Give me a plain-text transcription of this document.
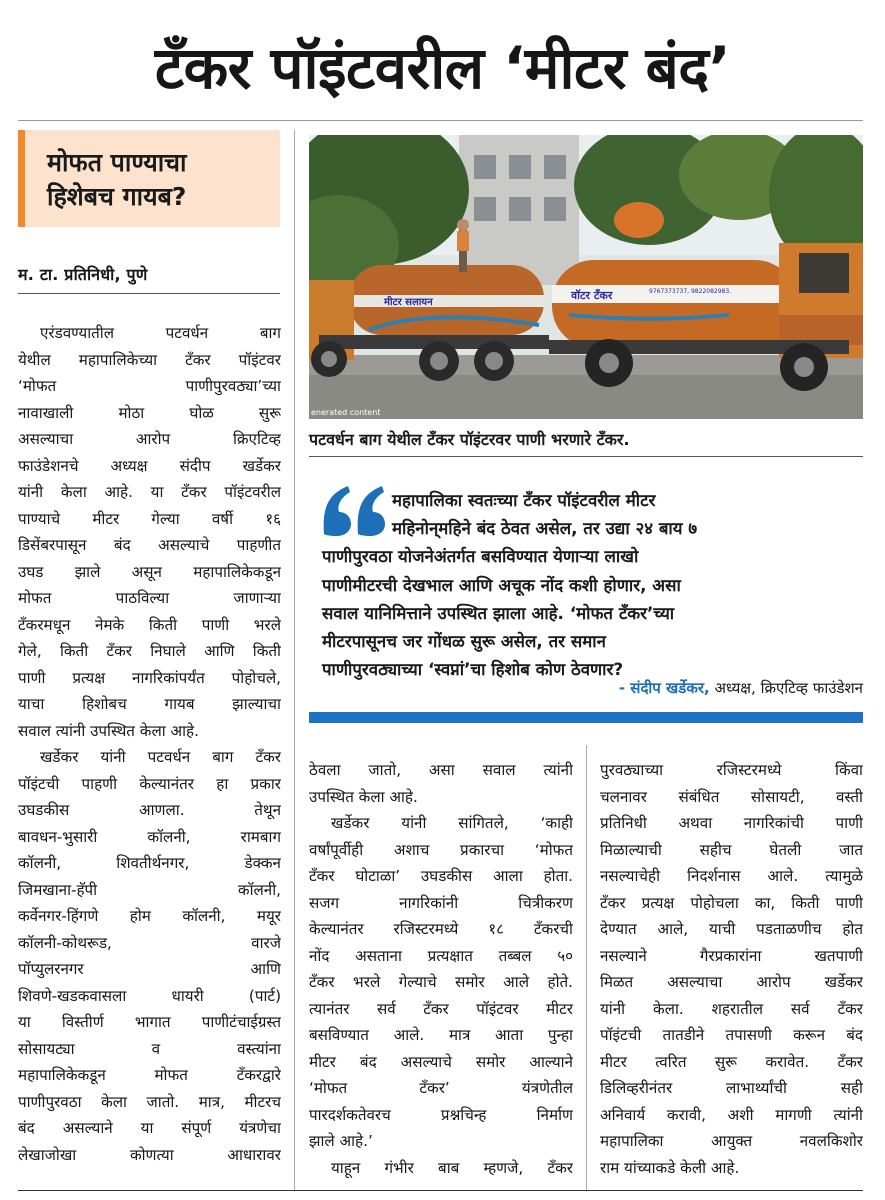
टँकर पॉइंटवरील ‘मीटर बंद’
मोफत पाण्याचा
हिशेबच गायब?
म. टा. प्रतिनिधी, पुणे
एरंडवण्यातील पटवर्धन बाग
येथील महापालिकेच्या टँकर पॉइंटवर
‘मोफत पाणीपुरवठ्या’च्या
नावाखाली मोठा घोळ सुरू
असल्याचा आरोप क्रिएटिव्ह
फाउंडेशनचे अध्यक्ष संदीप खर्डेकर
यांनी केला आहे. या टँकर पॉइंटवरील
पाण्याचे मीटर गेल्या वर्षी १६
डिसेंबरपासून बंद असल्याचे पाहणीत
उघड झाले असून महापालिकेकडून
मोफत पाठविल्या जाणाऱ्या
टँकरमधून नेमके किती पाणी भरले
गेले, किती टँकर निघाले आणि किती
पाणी प्रत्यक्ष नागरिकांपर्यंत पोहोचले,
याचा हिशोबच गायब झाल्याचा
सवाल त्यांनी उपस्थित केला आहे.
खर्डेकर यांनी पटवर्धन बाग टँकर
पॉइंटची पाहणी केल्यानंतर हा प्रकार
उघडकीस आणला. तेथून
बावधन-भुसारी कॉलनी, रामबाग
कॉलनी, शिवतीर्थनगर, डेक्कन
जिमखाना-हॅपी कॉलनी,
कर्वेनगर-हिंगणे होम कॉलनी, मयूर
कॉलनी-कोथरूड, वारजे
पॉप्युलरनगर आणि
शिवणे-खडकवासला धायरी (पार्ट)
या विस्तीर्ण भागात पाणीटंचाईग्रस्त
सोसायट्या व वस्त्यांना
महापालिकेकडून मोफत टँकरद्वारे
पाणीपुरवठा केला जातो. मात्र, मीटरच
बंद असल्याने या संपूर्ण यंत्रणेचा
लेखाजोखा कोणत्या आधारावर
वॉटर टँकर	9767373737, 9822082983.
मीटर सलायन
enerated content
पटवर्धन बाग येथील टँकर पॉइंटरवर पाणी भरणारे टँकर.
महापालिका स्वतःच्या टँकर पॉइंटवरील मीटर
महिनोन्‌महिने बंद ठेवत असेल, तर उद्या २४ बाय ७
पाणीपुरवठा योजनेअंतर्गत बसविण्यात येणाऱ्या लाखो
पाणीमीटरची देखभाल आणि अचूक नोंद कशी होणार, असा
सवाल यानिमित्ताने उपस्थित झाला आहे. ‘मोफत टँकर’च्या
मीटरपासूनच जर गोंधळ सुरू असेल, तर समान
पाणीपुरवठ्याच्या ‘स्वप्नां’चा हिशोब कोण ठेवणार?
- संदीप खर्डेकर, अध्यक्ष, क्रिएटिव्ह फाउंडेशन
ठेवला जातो, असा सवाल त्यांनी
उपस्थित केला आहे.
खर्डेकर यांनी सांगितले, ‘काही
वर्षांपूर्वीही अशाच प्रकारचा ‘मोफत
टँकर घोटाळा’ उघडकीस आला होता.
सजग नागरिकांनी चित्रीकरण
केल्यानंतर रजिस्टरमध्ये १८ टँकरची
नोंद असताना प्रत्यक्षात तब्बल ५०
टँकर भरले गेल्याचे समोर आले होते.
त्यानंतर सर्व टँकर पॉइंटवर मीटर
बसविण्यात आले. मात्र आता पुन्हा
मीटर बंद असल्याचे समोर आल्याने
‘मोफत टँकर’ यंत्रणेतील
पारदर्शकतेवरच प्रश्नचिन्ह निर्माण
झाले आहे.’
याहून गंभीर बाब म्हणजे, टँकर
पुरवठ्याच्या रजिस्टरमध्ये किंवा
चलनावर संबंधित सोसायटी, वस्ती
प्रतिनिधी अथवा नागरिकांची पाणी
मिळाल्याची सहीच घेतली जात
नसल्याचेही निदर्शनास आले. त्यामुळे
टँकर प्रत्यक्ष पोहोचला का, किती पाणी
देण्यात आले, याची पडताळणीच होत
नसल्याने गैरप्रकारांना खतपाणी
मिळत असल्याचा आरोप खर्डेकर
यांनी केला. शहरातील सर्व टँकर
पॉइंटची तातडीने तपासणी करून बंद
मीटर त्वरित सुरू करावेत. टँकर
डिलिव्हरीनंतर लाभार्थ्यांची सही
अनिवार्य करावी, अशी मागणी त्यांनी
महापालिका आयुक्त नवलकिशोर
राम यांच्याकडे केली आहे.
